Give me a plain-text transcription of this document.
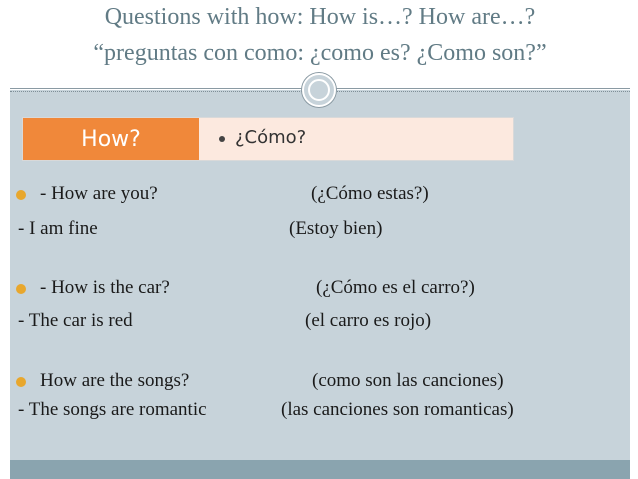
Questions with how: How is…? How are…?
“preguntas con como: ¿como es? ¿Como son?”
How?	¿Cómo?
- How are you?	(¿Cómo estas?)
- I am fine	(Estoy bien)
- How is the car?	(¿Cómo es el carro?)
- The car is red	(el carro es rojo)
How are the songs?	(como son las canciones)
- The songs are romantic	(las canciones son romanticas)
